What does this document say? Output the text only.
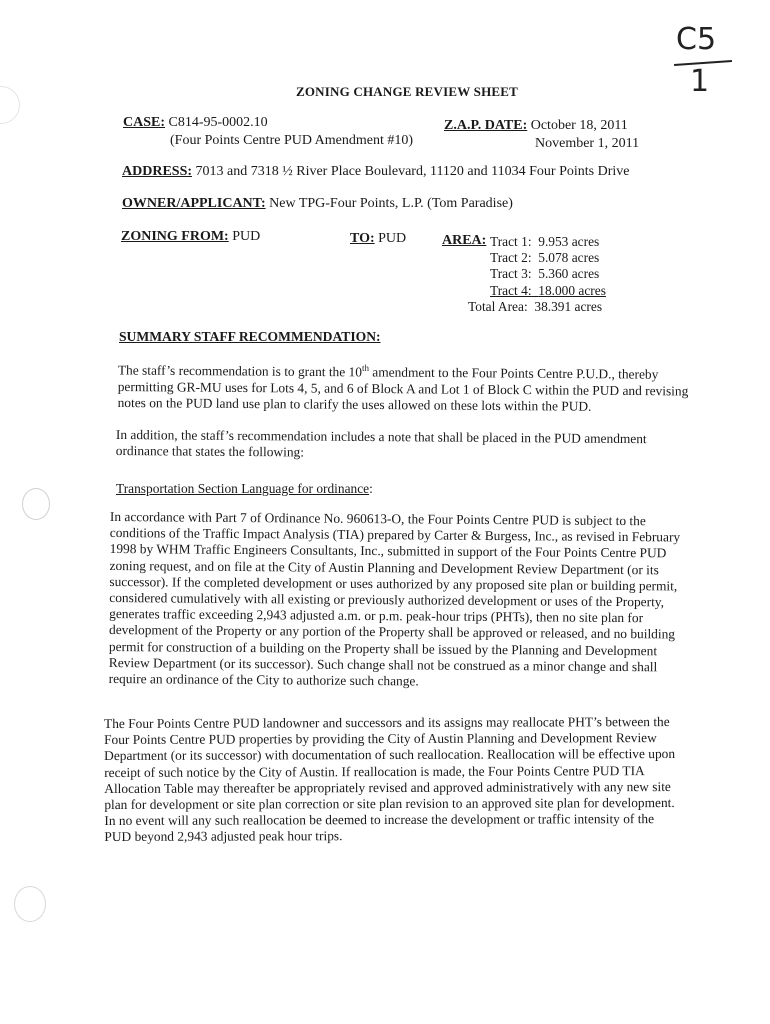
C5
1
ZONING CHANGE REVIEW SHEET
CASE: C814-95-0002.10
(Four Points Centre PUD Amendment #10)
Z.A.P. DATE: October 18, 2011
November 1, 2011
ADDRESS: 7013 and 7318 ½ River Place Boulevard, 11120 and 11034 Four Points Drive
OWNER/APPLICANT: New TPG-Four Points, L.P. (Tom Paradise)
ZONING FROM: PUD	TO: PUD	AREA: Tract 1: 9.953 acres
Tract 2: 5.078 acres
Tract 3: 5.360 acres
Tract 4: 18.000 acres
Total Area: 38.391 acres
SUMMARY STAFF RECOMMENDATION:
The staff’s recommendation is to grant the 10th amendment to the Four Points Centre P.U.D., thereby permitting GR-MU uses for Lots 4, 5, and 6 of Block A and Lot 1 of Block C within the PUD and revising notes on the PUD land use plan to clarify the uses allowed on these lots within the PUD.
In addition, the staff’s recommendation includes a note that shall be placed in the PUD amendment ordinance that states the following:
Transportation Section Language for ordinance:
In accordance with Part 7 of Ordinance No. 960613-O, the Four Points Centre PUD is subject to the conditions of the Traffic Impact Analysis (TIA) prepared by Carter & Burgess, Inc., as revised in February 1998 by WHM Traffic Engineers Consultants, Inc., submitted in support of the Four Points Centre PUD zoning request, and on file at the City of Austin Planning and Development Review Department (or its successor). If the completed development or uses authorized by any proposed site plan or building permit, considered cumulatively with all existing or previously authorized development or uses of the Property, generates traffic exceeding 2,943 adjusted a.m. or p.m. peak-hour trips (PHTs), then no site plan for development of the Property or any portion of the Property shall be approved or released, and no building permit for construction of a building on the Property shall be issued by the Planning and Development Review Department (or its successor). Such change shall not be construed as a minor change and shall require an ordinance of the City to authorize such change.
The Four Points Centre PUD landowner and successors and its assigns may reallocate PHT’s between the Four Points Centre PUD properties by providing the City of Austin Planning and Development Review Department (or its successor) with documentation of such reallocation. Reallocation will be effective upon receipt of such notice by the City of Austin. If reallocation is made, the Four Points Centre PUD TIA Allocation Table may thereafter be appropriately revised and approved administratively with any new site plan for development or site plan correction or site plan revision to an approved site plan for development. In no event will any such reallocation be deemed to increase the development or traffic intensity of the PUD beyond 2,943 adjusted peak hour trips.
